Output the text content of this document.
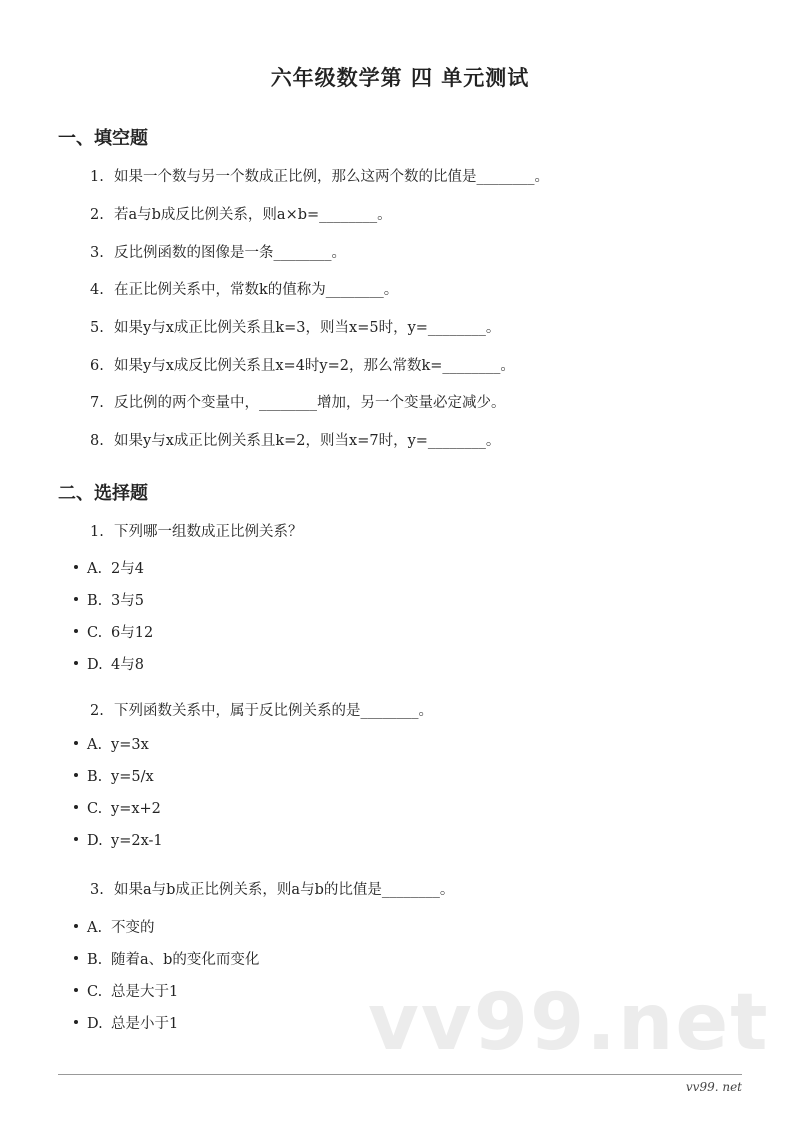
六年级数学第 四 单元测试
一、填空题
1. 如果一个数与另一个数成正比例，那么这两个数的比值是________。
2. 若a与b成反比例关系，则a×b=________。
3. 反比例函数的图像是一条________。
4. 在正比例关系中，常数k的值称为________。
5. 如果y与x成正比例关系且k=3，则当x=5时，y=________。
6. 如果y与x成反比例关系且x=4时y=2，那么常数k=________。
7. 反比例的两个变量中，________增加，另一个变量必定减少。
8. 如果y与x成正比例关系且k=2，则当x=7时，y=________。
二、选择题
1. 下列哪一组数成正比例关系？
A. 2与4
B. 3与5
C. 6与12
D. 4与8
2. 下列函数关系中，属于反比例关系的是________。
A. y=3x
B. y=5/x
C. y=x+2
D. y=2x-1
3. 如果a与b成正比例关系，则a与b的比值是________。
A. 不变的
B. 随着a、b的变化而变化
C. 总是大于1
D. 总是小于1 vv99.net
vv99. net
